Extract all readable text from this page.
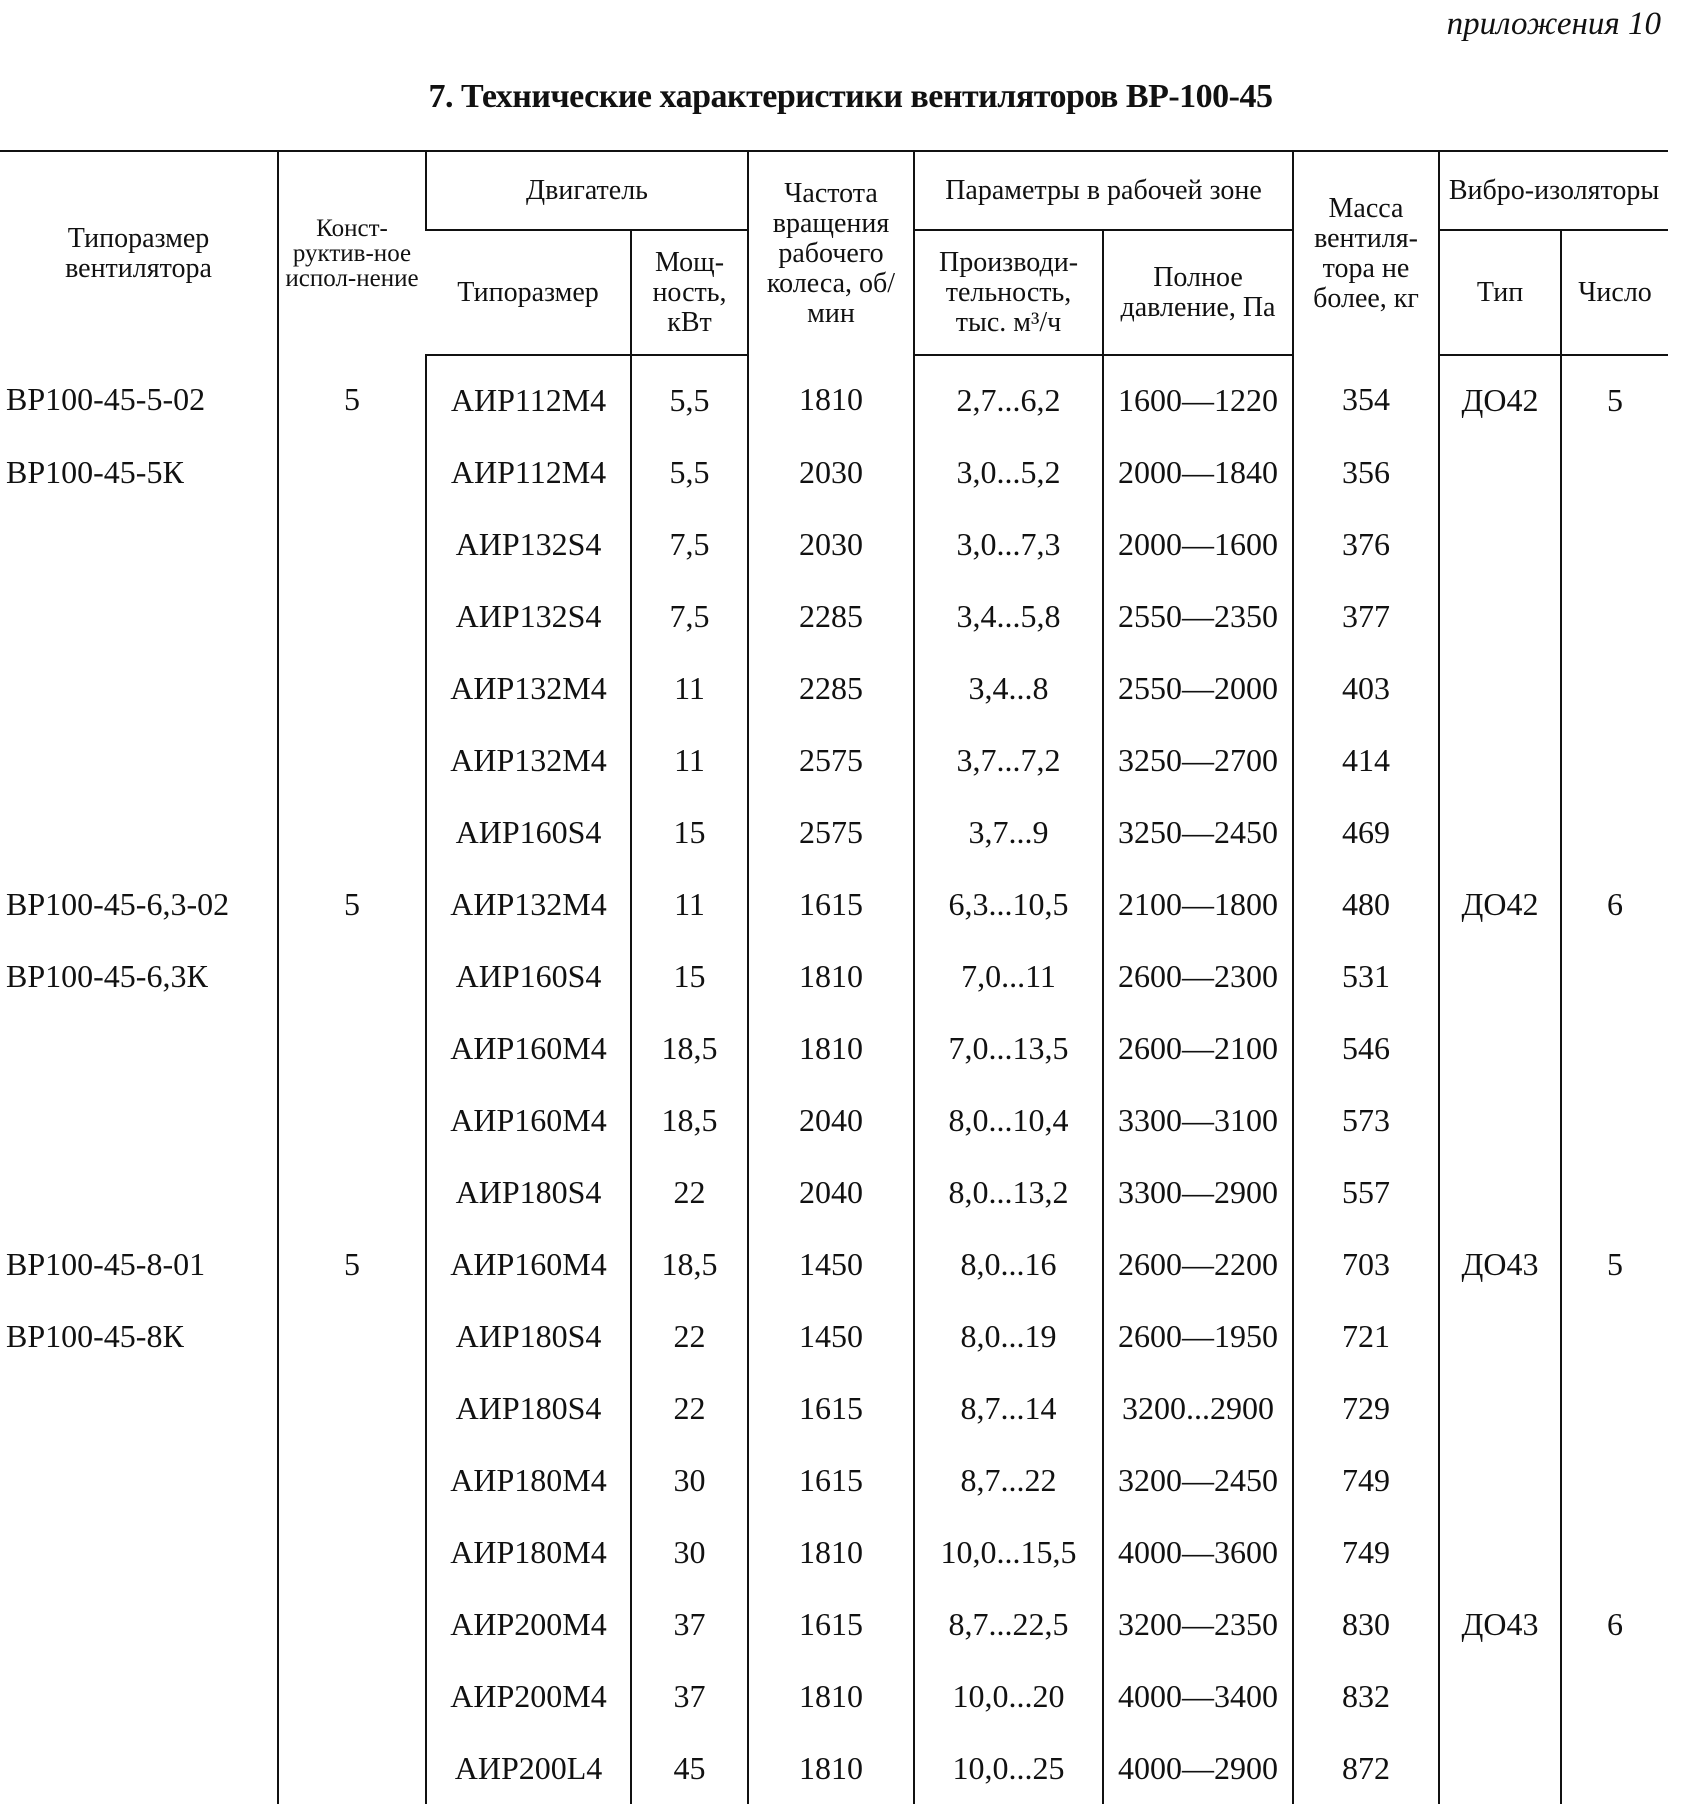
приложения 10
7. Технические характеристики вентиляторов ВР-100-45
Типоразмер вентилятора	Конст-руктив-ное испол-нение	Двигатель		Частота вращения рабочего колеса, об/мин	Параметры в рабочей зоне		Масса вентиля-тора не более, кг	Вибро-изоляторы	
		Типоразмер	Мощ-ность, кВт		Производи-тельность, тыс. м³/ч	Полное давление, Па		Тип	Число
ВР100-45-5-02	5	АИР112М4	5,5	1810	2,7...6,2	1600—1220	354	ДО42	5
ВР100-45-5К		АИР112М4	5,5	2030	3,0...5,2	2000—1840	356		
		АИР132S4	7,5	2030	3,0...7,3	2000—1600	376		
		АИР132S4	7,5	2285	3,4...5,8	2550—2350	377		
		АИР132М4	11	2285	3,4...8	2550—2000	403		
		АИР132М4	11	2575	3,7...7,2	3250—2700	414		
		АИР160S4	15	2575	3,7...9	3250—2450	469		
ВР100-45-6,3-02	5	АИР132М4	11	1615	6,3...10,5	2100—1800	480	ДО42	6
ВР100-45-6,3К		АИР160S4	15	1810	7,0...11	2600—2300	531		
		АИР160М4	18,5	1810	7,0...13,5	2600—2100	546		
		АИР160М4	18,5	2040	8,0...10,4	3300—3100	573		
		АИР180S4	22	2040	8,0...13,2	3300—2900	557		
ВР100-45-8-01	5	АИР160М4	18,5	1450	8,0...16	2600—2200	703	ДО43	5
ВР100-45-8К		АИР180S4	22	1450	8,0...19	2600—1950	721		
		АИР180S4	22	1615	8,7...14	3200...2900	729		
		АИР180М4	30	1615	8,7...22	3200—2450	749		
		АИР180М4	30	1810	10,0...15,5	4000—3600	749		
		АИР200М4	37	1615	8,7...22,5	3200—2350	830	ДО43	6
		АИР200М4	37	1810	10,0...20	4000—3400	832		
		АИР200L4	45	1810	10,0...25	4000—2900	872		
